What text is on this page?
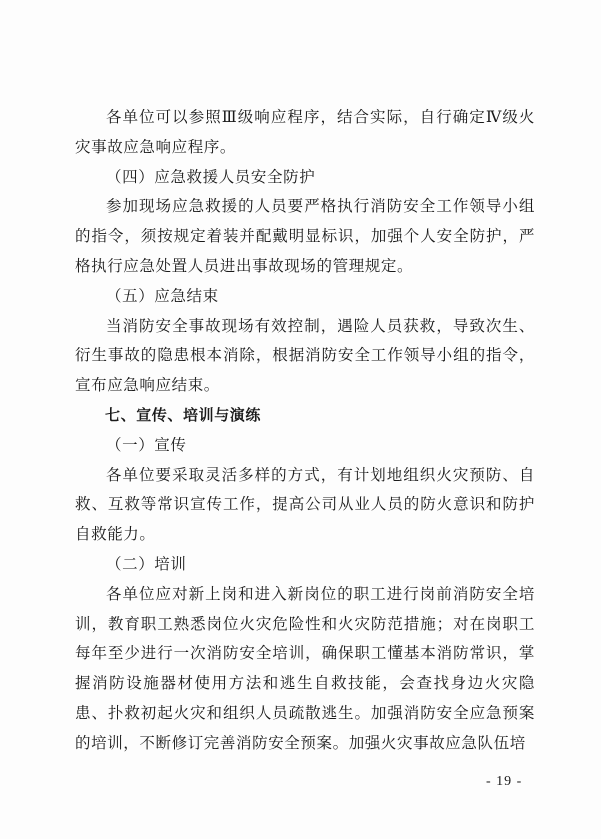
各单位可以参照Ⅲ级响应程序，结合实际，自行确定Ⅳ级火灾事故应急响应程序。

（四）应急救援人员安全防护

参加现场应急救援的人员要严格执行消防安全工作领导小组的指令，须按规定着装并配戴明显标识，加强个人安全防护，严格执行应急处置人员进出事故现场的管理规定。

（五）应急结束

当消防安全事故现场有效控制，遇险人员获救，导致次生、衍生事故的隐患根本消除，根据消防安全工作领导小组的指令，宣布应急响应结束。

七、宣传、培训与演练

（一）宣传

各单位要采取灵活多样的方式，有计划地组织火灾预防、自救、互救等常识宣传工作，提高公司从业人员的防火意识和防护自救能力。

（二）培训

各单位应对新上岗和进入新岗位的职工进行岗前消防安全培训，教育职工熟悉岗位火灾危险性和火灾防范措施；对在岗职工每年至少进行一次消防安全培训，确保职工懂基本消防常识，掌握消防设施器材使用方法和逃生自救技能，会查找身边火灾隐患、扑救初起火灾和组织人员疏散逃生。加强消防安全应急预案的培训，不断修订完善消防安全预案。加强火灾事故应急队伍培

- 19 -
